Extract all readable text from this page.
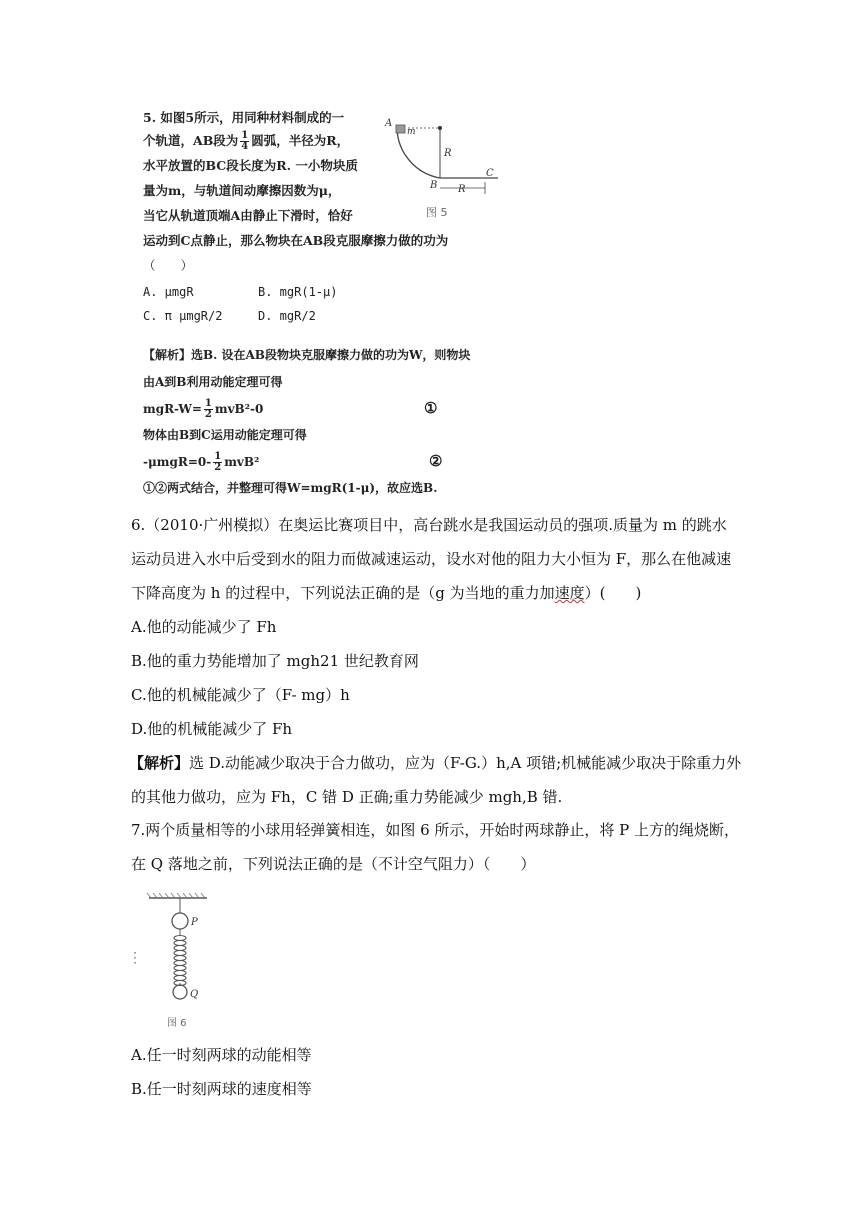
5. 如图5所示，用同种材料制成的一
个轨道，AB段为 $\frac{1}{4}$ 圆弧，半径为R，
水平放置的BC段长度为R. 一小物块质
量为m，与轨道间动摩擦因数为μ，
当它从轨道顶端A由静止下滑时，恰好
运动到C点静止，那么物块在AB段克服摩擦力做的功为
（　　）
A. μmgR	B. mgR(1-μ)
C. π μmgR/2	D. mgR/2
A
m
R
B
C
R
图 5
【解析】选B. 设在AB段物块克服摩擦力做的功为W，则物块
由A到B利用动能定理可得
$mgR-W= \frac{1}{2} mvB^2-0$	①
物体由B到C运用动能定理可得
$-\mu mgR=0- \frac{1}{2} mvB^2$	②
①②两式结合，并整理可得W=mgR(1-μ)，故应选B.
6.（2010·广州模拟）在奥运比赛项目中，高台跳水是我国运动员的强项.质量为 m 的跳水
运动员进入水中后受到水的阻力而做减速运动，设水对他的阻力大小恒为 F，那么在他减速
下降高度为 h 的过程中，下列说法正确的是（g 为当地的重力加速度）(　　)
A.他的动能减少了 Fh
B.他的重力势能增加了 mgh21 世纪教育网
C.他的机械能减少了（F- mg）h
D.他的机械能减少了 Fh
【解析】选 D.动能减少取决于合力做功，应为（F-G.）h,A 项错;机械能减少取决于除重力外
的其他力做功，应为 Fh，C 错 D 正确;重力势能减少 mgh,B 错.
7.两个质量相等的小球用轻弹簧相连，如图 6 所示，开始时两球静止，将 P 上方的绳烧断，
在 Q 落地之前，下列说法正确的是（不计空气阻力）（　　）
A.任一时刻两球的动能相等
B.任一时刻两球的速度相等
⋮
P
Q
图 6
